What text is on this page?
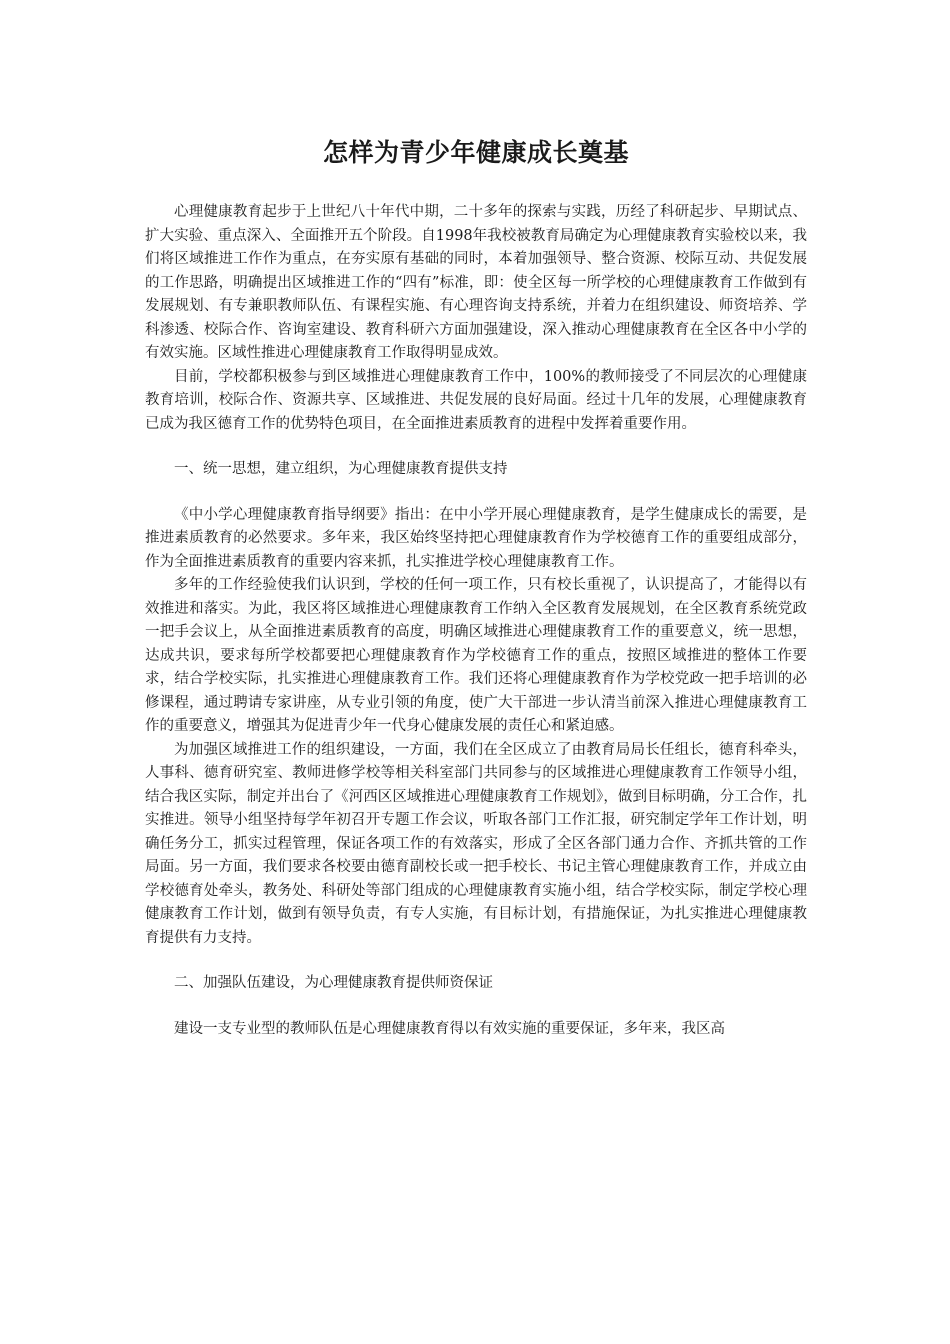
怎样为青少年健康成长奠基

心理健康教育起步于上世纪八十年代中期，二十多年的探索与实践，历经了科研起步、早期试点、扩大实验、重点深入、全面推开五个阶段。自1998年我校被教育局确定为心理健康教育实验校以来，我们将区域推进工作作为重点，在夯实原有基础的同时，本着加强领导、整合资源、校际互动、共促发展的工作思路，明确提出区域推进工作的“四有”标准，即：使全区每一所学校的心理健康教育工作做到有发展规划、有专兼职教师队伍、有课程实施、有心理咨询支持系统，并着力在组织建设、师资培养、学科渗透、校际合作、咨询室建设、教育科研六方面加强建设，深入推动心理健康教育在全区各中小学的有效实施。区域性推进心理健康教育工作取得明显成效。

目前，学校都积极参与到区域推进心理健康教育工作中，100%的教师接受了不同层次的心理健康教育培训，校际合作、资源共享、区域推进、共促发展的良好局面。经过十几年的发展，心理健康教育已成为我区德育工作的优势特色项目，在全面推进素质教育的进程中发挥着重要作用。

一、统一思想，建立组织，为心理健康教育提供支持

《中小学心理健康教育指导纲要》指出：在中小学开展心理健康教育，是学生健康成长的需要，是推进素质教育的必然要求。多年来，我区始终坚持把心理健康教育作为学校德育工作的重要组成部分，作为全面推进素质教育的重要内容来抓，扎实推进学校心理健康教育工作。

多年的工作经验使我们认识到，学校的任何一项工作，只有校长重视了，认识提高了，才能得以有效推进和落实。为此，我区将区域推进心理健康教育工作纳入全区教育发展规划，在全区教育系统党政一把手会议上，从全面推进素质教育的高度，明确区域推进心理健康教育工作的重要意义，统一思想，达成共识，要求每所学校都要把心理健康教育作为学校德育工作的重点，按照区域推进的整体工作要求，结合学校实际，扎实推进心理健康教育工作。我们还将心理健康教育作为学校党政一把手培训的必修课程，通过聘请专家讲座，从专业引领的角度，使广大干部进一步认清当前深入推进心理健康教育工作的重要意义，增强其为促进青少年一代身心健康发展的责任心和紧迫感。

为加强区域推进工作的组织建设，一方面，我们在全区成立了由教育局局长任组长，德育科牵头，人事科、德育研究室、教师进修学校等相关科室部门共同参与的区域推进心理健康教育工作领导小组，结合我区实际，制定并出台了《河西区区域推进心理健康教育工作规划》，做到目标明确，分工合作，扎实推进。领导小组坚持每学年初召开专题工作会议，听取各部门工作汇报，研究制定学年工作计划，明确任务分工，抓实过程管理，保证各项工作的有效落实，形成了全区各部门通力合作、齐抓共管的工作局面。另一方面，我们要求各校要由德育副校长或一把手校长、书记主管心理健康教育工作，并成立由学校德育处牵头，教务处、科研处等部门组成的心理健康教育实施小组，结合学校实际，制定学校心理健康教育工作计划，做到有领导负责，有专人实施，有目标计划，有措施保证，为扎实推进心理健康教育提供有力支持。

二、加强队伍建设，为心理健康教育提供师资保证

建设一支专业型的教师队伍是心理健康教育得以有效实施的重要保证，多年来，我区高
